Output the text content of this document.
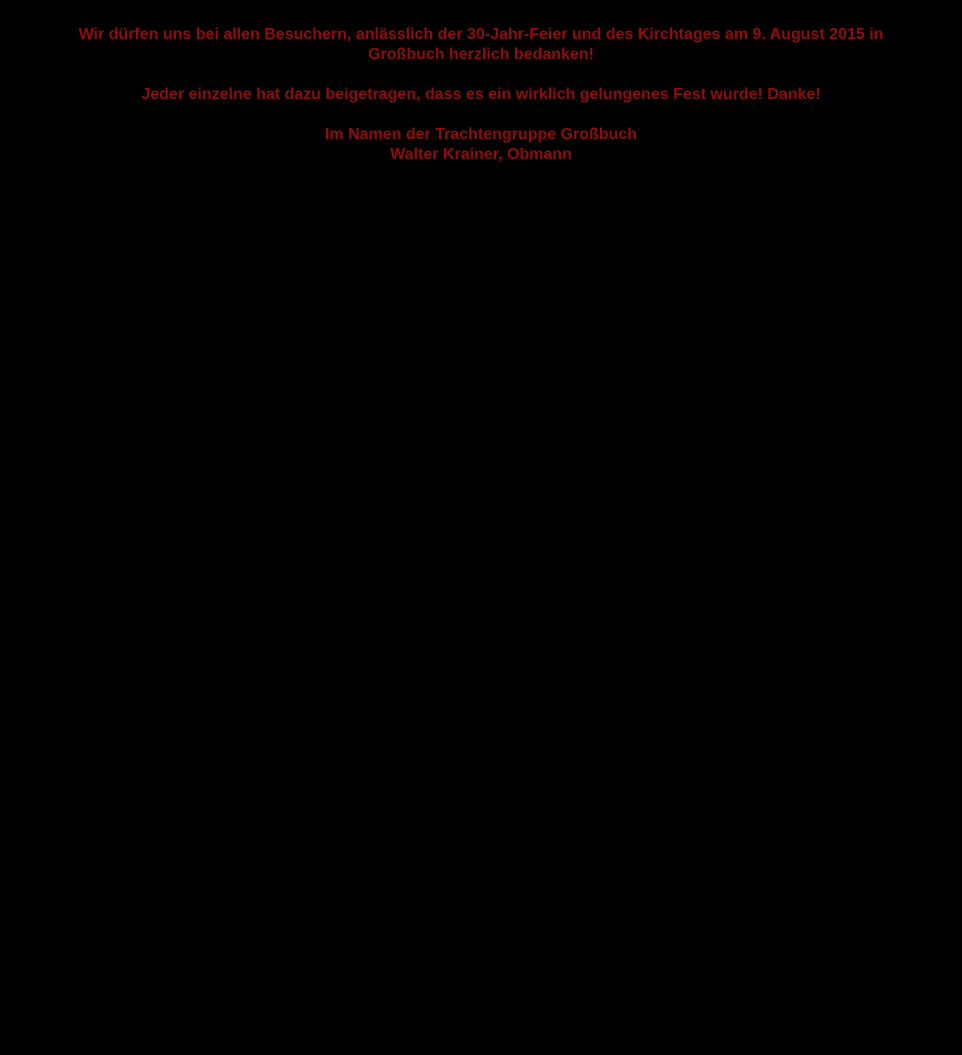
Wir dürfen uns bei allen Besuchern, anlässlich der 30-Jahr-Feier und des Kirchtages am 9. August 2015 in
Großbuch herzlich bedanken!

Jeder einzelne hat dazu beigetragen, dass es ein wirklich gelungenes Fest wurde! Danke!

Im Namen der Trachtengruppe Großbuch
Walter Krainer, Obmann
